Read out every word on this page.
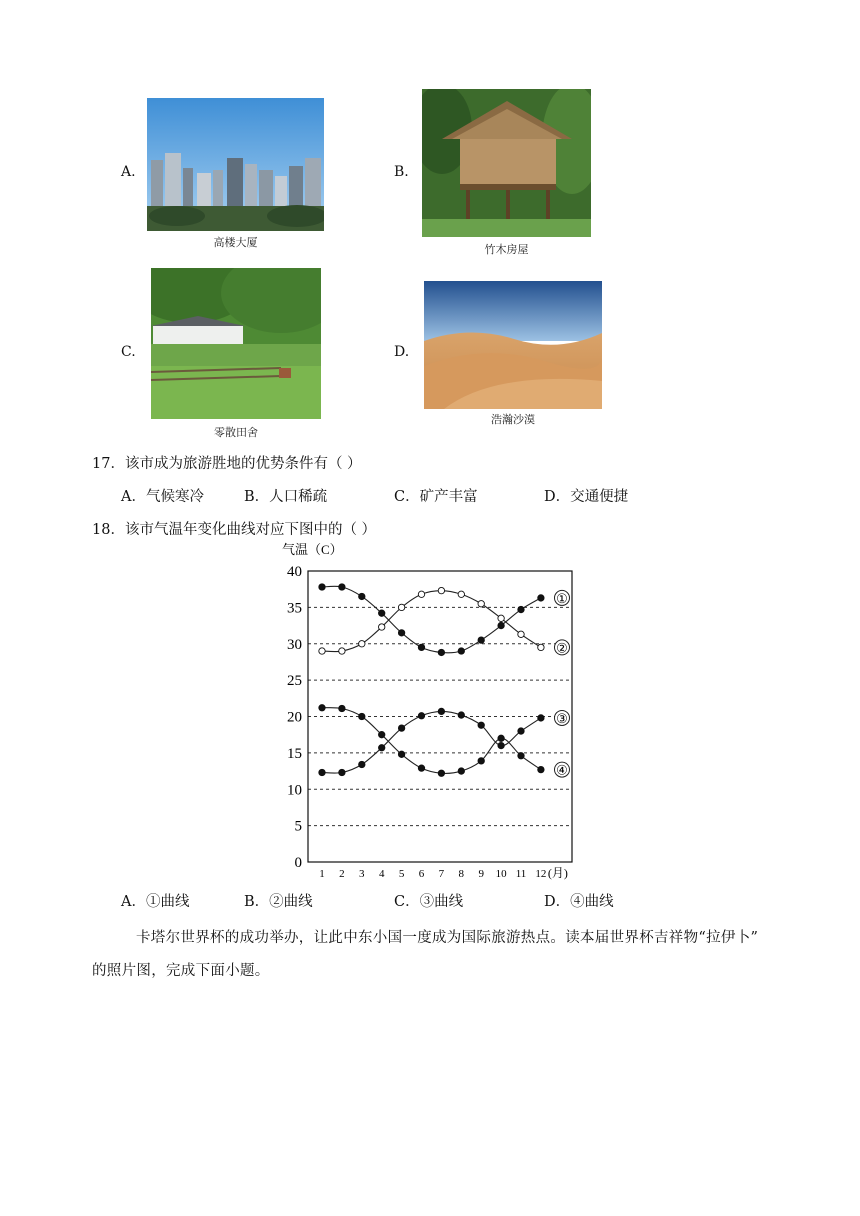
A.
高楼大厦
B.
竹木房屋
C.
零散田舍
D.
浩瀚沙漠
17．该市成为旅游胜地的优势条件有（ ）
A．气候寒冷	B．人口稀疏	C．矿产丰富	D．交通便捷
18．该市气温年变化曲线对应下图中的（ ）
气温（C）
0
5
10
15
20
25
30
35
40
1 2 3 4 5 6 7 8 9 10 11 12 (月)
①
②
③
④
A．①曲线	B．②曲线	C．③曲线	D．④曲线
卡塔尔世界杯的成功举办，让此中东小国一度成为国际旅游热点。读本届世界杯吉祥物“拉伊卜”
的照片图，完成下面小题。
